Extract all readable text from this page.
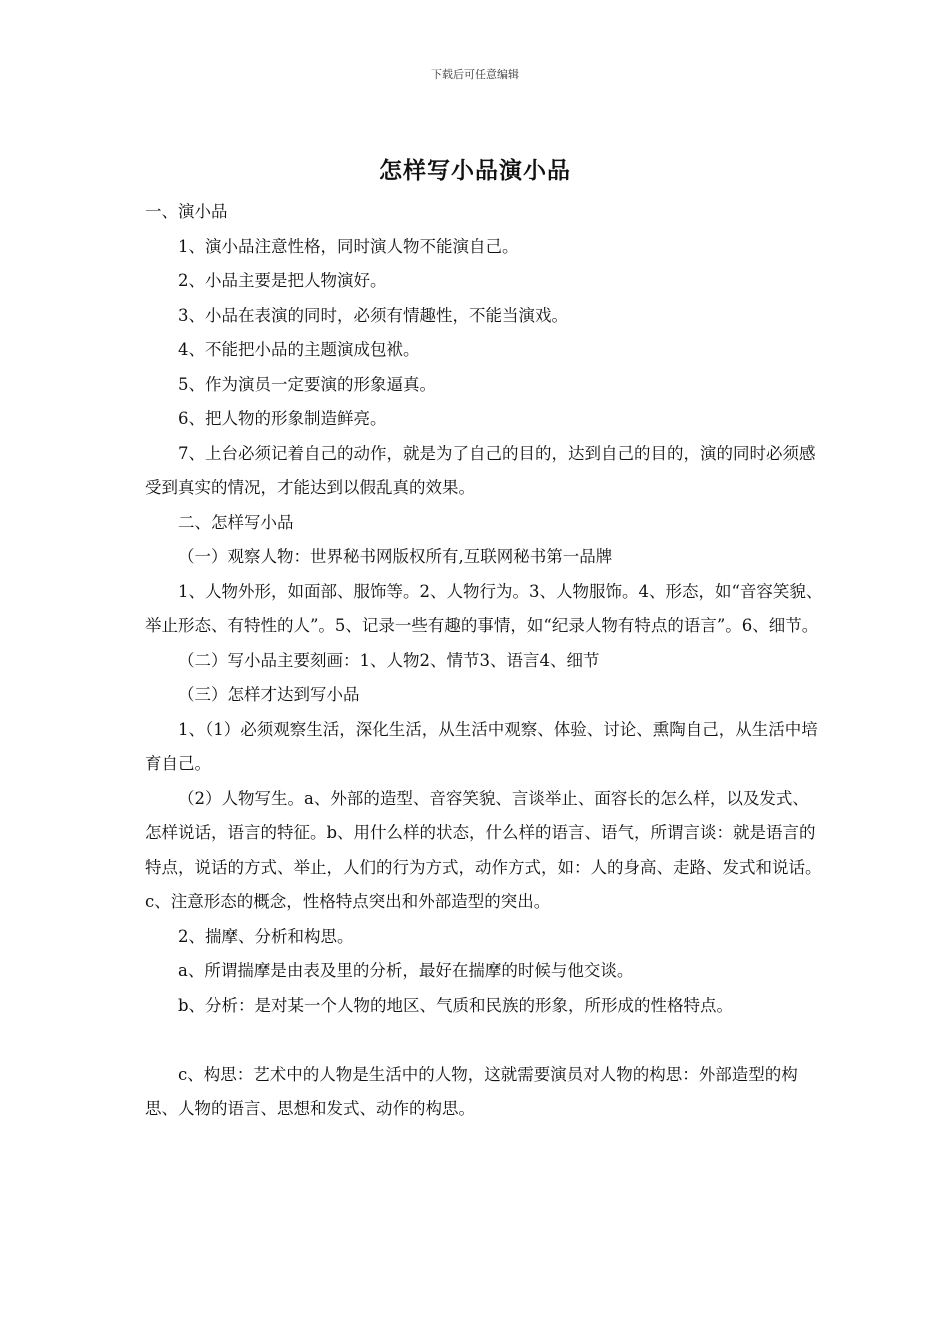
下载后可任意编辑
怎样写小品演小品

一、演小品

1、演小品注意性格，同时演人物不能演自己。

2、小品主要是把人物演好。

3、小品在表演的同时，必须有情趣性，不能当演戏。

4、不能把小品的主题演成包袱。

5、作为演员一定要演的形象逼真。

6、把人物的形象制造鲜亮。

7、上台必须记着自己的动作，就是为了自己的目的，达到自己的目的，演的同时必须感受到真实的情况，才能达到以假乱真的效果。

二、怎样写小品

（一）观察人物：世界秘书网版权所有,互联网秘书第一品牌

1、人物外形，如面部、服饰等。2、人物行为。3、人物服饰。4、形态，如“音容笑貌、举止形态、有特性的人”。5、记录一些有趣的事情，如“纪录人物有特点的语言”。6、细节。

（二）写小品主要刻画：1、人物2、情节3、语言4、细节

（三）怎样才达到写小品

1、（1）必须观察生活，深化生活，从生活中观察、体验、讨论、熏陶自己，从生活中培育自己。

（2）人物写生。a、外部的造型、音容笑貌、言谈举止、面容长的怎么样，以及发式、怎样说话，语言的特征。b、用什么样的状态，什么样的语言、语气，所谓言谈：就是语言的特点，说话的方式、举止，人们的行为方式，动作方式，如：人的身高、走路、发式和说话。c、注意形态的概念，性格特点突出和外部造型的突出。

2、揣摩、分析和构思。

a、所谓揣摩是由表及里的分析，最好在揣摩的时候与他交谈。

b、分析：是对某一个人物的地区、气质和民族的形象，所形成的性格特点。

c、构思：艺术中的人物是生活中的人物，这就需要演员对人物的构思：外部造型的构思、人物的语言、思想和发式、动作的构思。
